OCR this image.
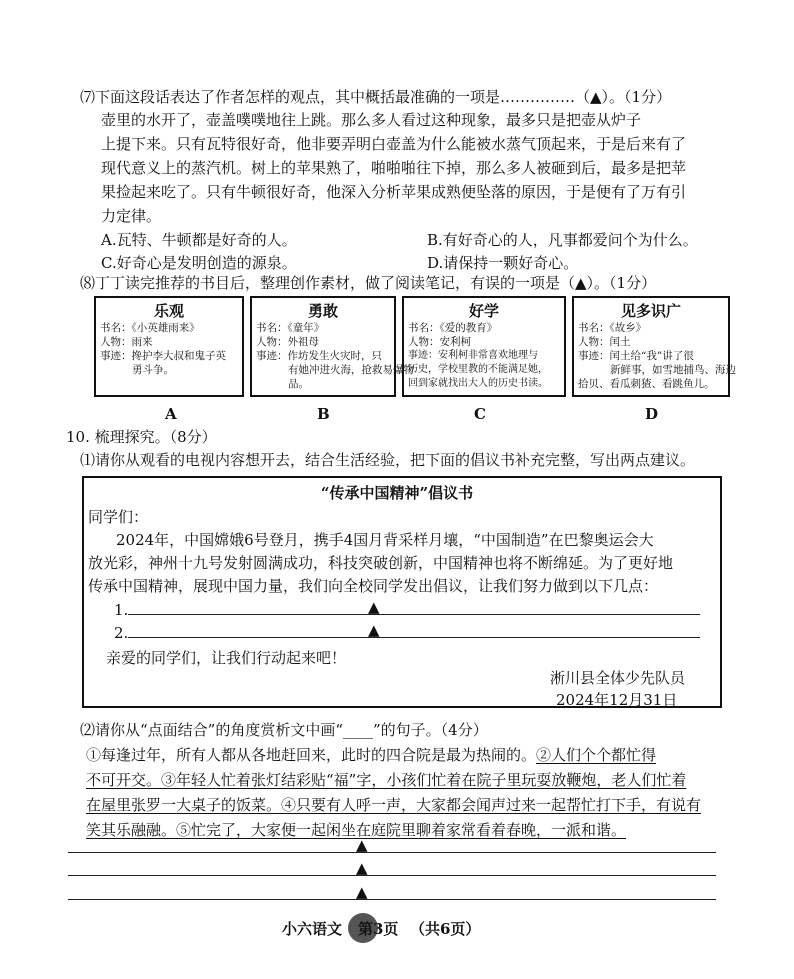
⑺下面这段话表达了作者怎样的观点，其中概括最准确的一项是……………（▲）。（1分）
壶里的水开了，壶盖噗噗地往上跳。那么多人看过这种现象，最多只是把壶从炉子
上提下来。只有瓦特很好奇，他非要弄明白壶盖为什么能被水蒸气顶起来，于是后来有了
现代意义上的蒸汽机。树上的苹果熟了，啪啪啪往下掉，那么多人被砸到后，最多是把苹
果捡起来吃了。只有牛顿很好奇，他深入分析苹果成熟便坠落的原因，于是便有了万有引
力定律。
A.瓦特、牛顿都是好奇的人。	B.有好奇心的人，凡事都爱问个为什么。
C.好奇心是发明创造的源泉。	D.请保持一颗好奇心。
⑻丁丁读完推荐的书目后，整理创作素材，做了阅读笔记，有误的一项是（▲）。（1分）
乐观
书名：《小英雄雨来》
人物：雨来
事迹：搀护李大叔和鬼子英
勇斗争。
勇敢
书名：《童年》
人物：外祖母
事迹：作坊发生火灾时，只
有她冲进火海，抢救易爆物
品。
好学
书名：《爱的教育》
人物：安利柯
事迹：安利柯非常喜欢地理与
历史，学校里教的不能满足她，
回到家就找出大人的历史书读。
见多识广
书名：《故乡》
人物：闰土
事迹：闰土给“我”讲了很
新鲜事，如雪地捕鸟、海边
拾贝、看瓜刺猹、看跳鱼儿。
A	B	C	D
10. 梳理探究。（8分）
⑴请你从观看的电视内容想开去，结合生活经验，把下面的倡议书补充完整，写出两点建议。
“传承中国精神”倡议书
同学们：
2024年，中国嫦娥6号登月，携手4国月背采样月壤，“中国制造”在巴黎奥运会大
放光彩，神州十九号发射圆满成功，科技突破创新，中国精神也将不断绵延。为了更好地
传承中国精神，展现中国力量，我们向全校同学发出倡议，让我们努力做到以下几点：
1.	▲
2.	▲
亲爱的同学们，让我们行动起来吧！
淅川县全体少先队员
2024年12月31日
⑵请你从“点面结合”的角度赏析文中画“____”的句子。（4分）
①每逢过年，所有人都从各地赶回来，此时的四合院是最为热闹的。②人们个个都忙得
不可开交。③年轻人忙着张灯结彩贴“福”字，小孩们忙着在院子里玩耍放鞭炮，老人们忙着
在屋里张罗一大桌子的饭菜。④只要有人呼一声，大家都会闻声过来一起帮忙打下手，有说有
笑其乐融融。⑤忙完了，大家便一起闲坐在庭院里聊着家常看着春晚，一派和谐。
▲
▲
▲
小六语文 第3页 （共6页）
